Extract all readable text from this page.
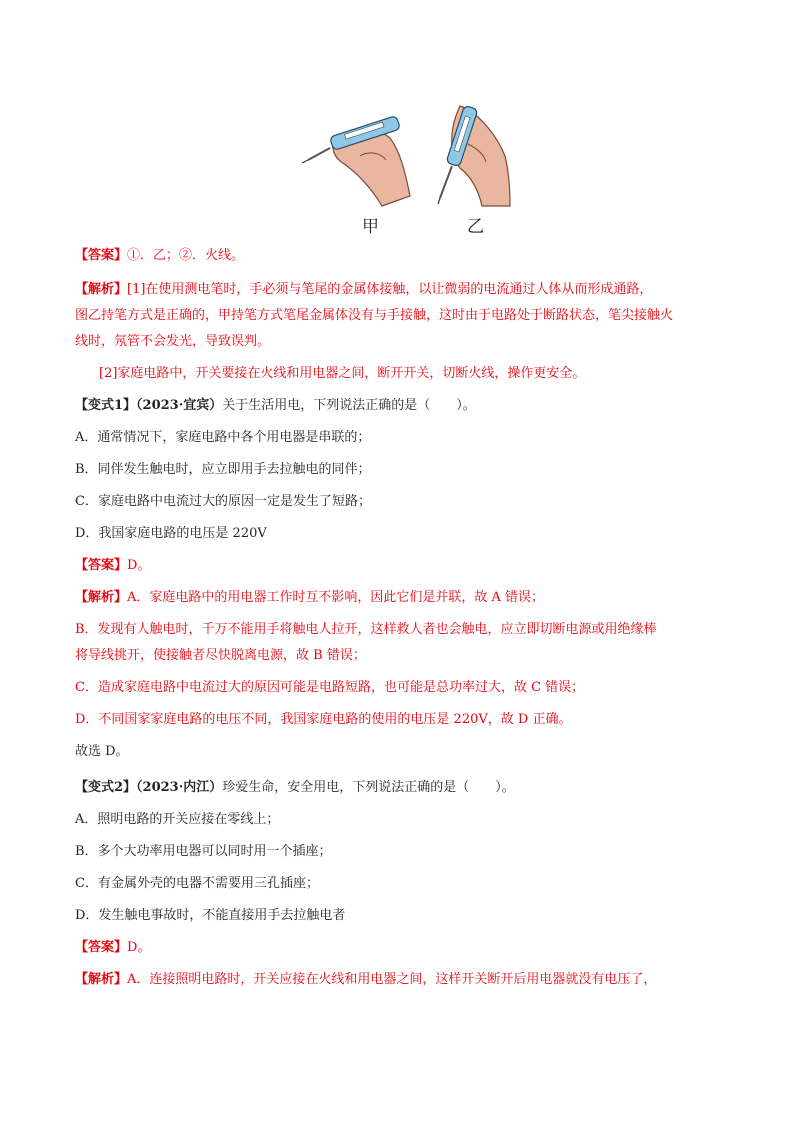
甲	乙

【答案】①．乙；②．火线。

【解析】[1]在使用测电笔时，手必须与笔尾的金属体接触，以让微弱的电流通过人体从而形成通路，

图乙持笔方式是正确的，甲持笔方式笔尾金属体没有与手接触，这时由于电路处于断路状态，笔尖接触火

线时，氖管不会发光，导致误判。

[2]家庭电路中，开关要接在火线和用电器之间，断开开关，切断火线，操作更安全。

【变式1】（2023·宜宾）关于生活用电，下列说法正确的是（　　）。

A．通常情况下，家庭电路中各个用电器是串联的；

B．同伴发生触电时，应立即用手去拉触电的同伴；

C．家庭电路中电流过大的原因一定是发生了短路；

D．我国家庭电路的电压是 220V

【答案】D。

【解析】A．家庭电路中的用电器工作时互不影响，因此它们是并联，故 A 错误；

B．发现有人触电时，千万不能用手将触电人拉开，这样救人者也会触电，应立即切断电源或用绝缘棒

将导线挑开，使接触者尽快脱离电源，故 B 错误；

C．造成家庭电路中电流过大的原因可能是电路短路，也可能是总功率过大，故 C 错误；

D．不同国家家庭电路的电压不同，我国家庭电路的使用的电压是 220V，故 D 正确。

故选 D。

【变式2】（2023·内江）珍爱生命，安全用电，下列说法正确的是（　　）。

A．照明电路的开关应接在零线上；

B．多个大功率用电器可以同时用一个插座；

C．有金属外壳的电器不需要用三孔插座；

D．发生触电事故时，不能直接用手去拉触电者

【答案】D。

【解析】A．连接照明电路时，开关应接在火线和用电器之间，这样开关断开后用电器就没有电压了，
